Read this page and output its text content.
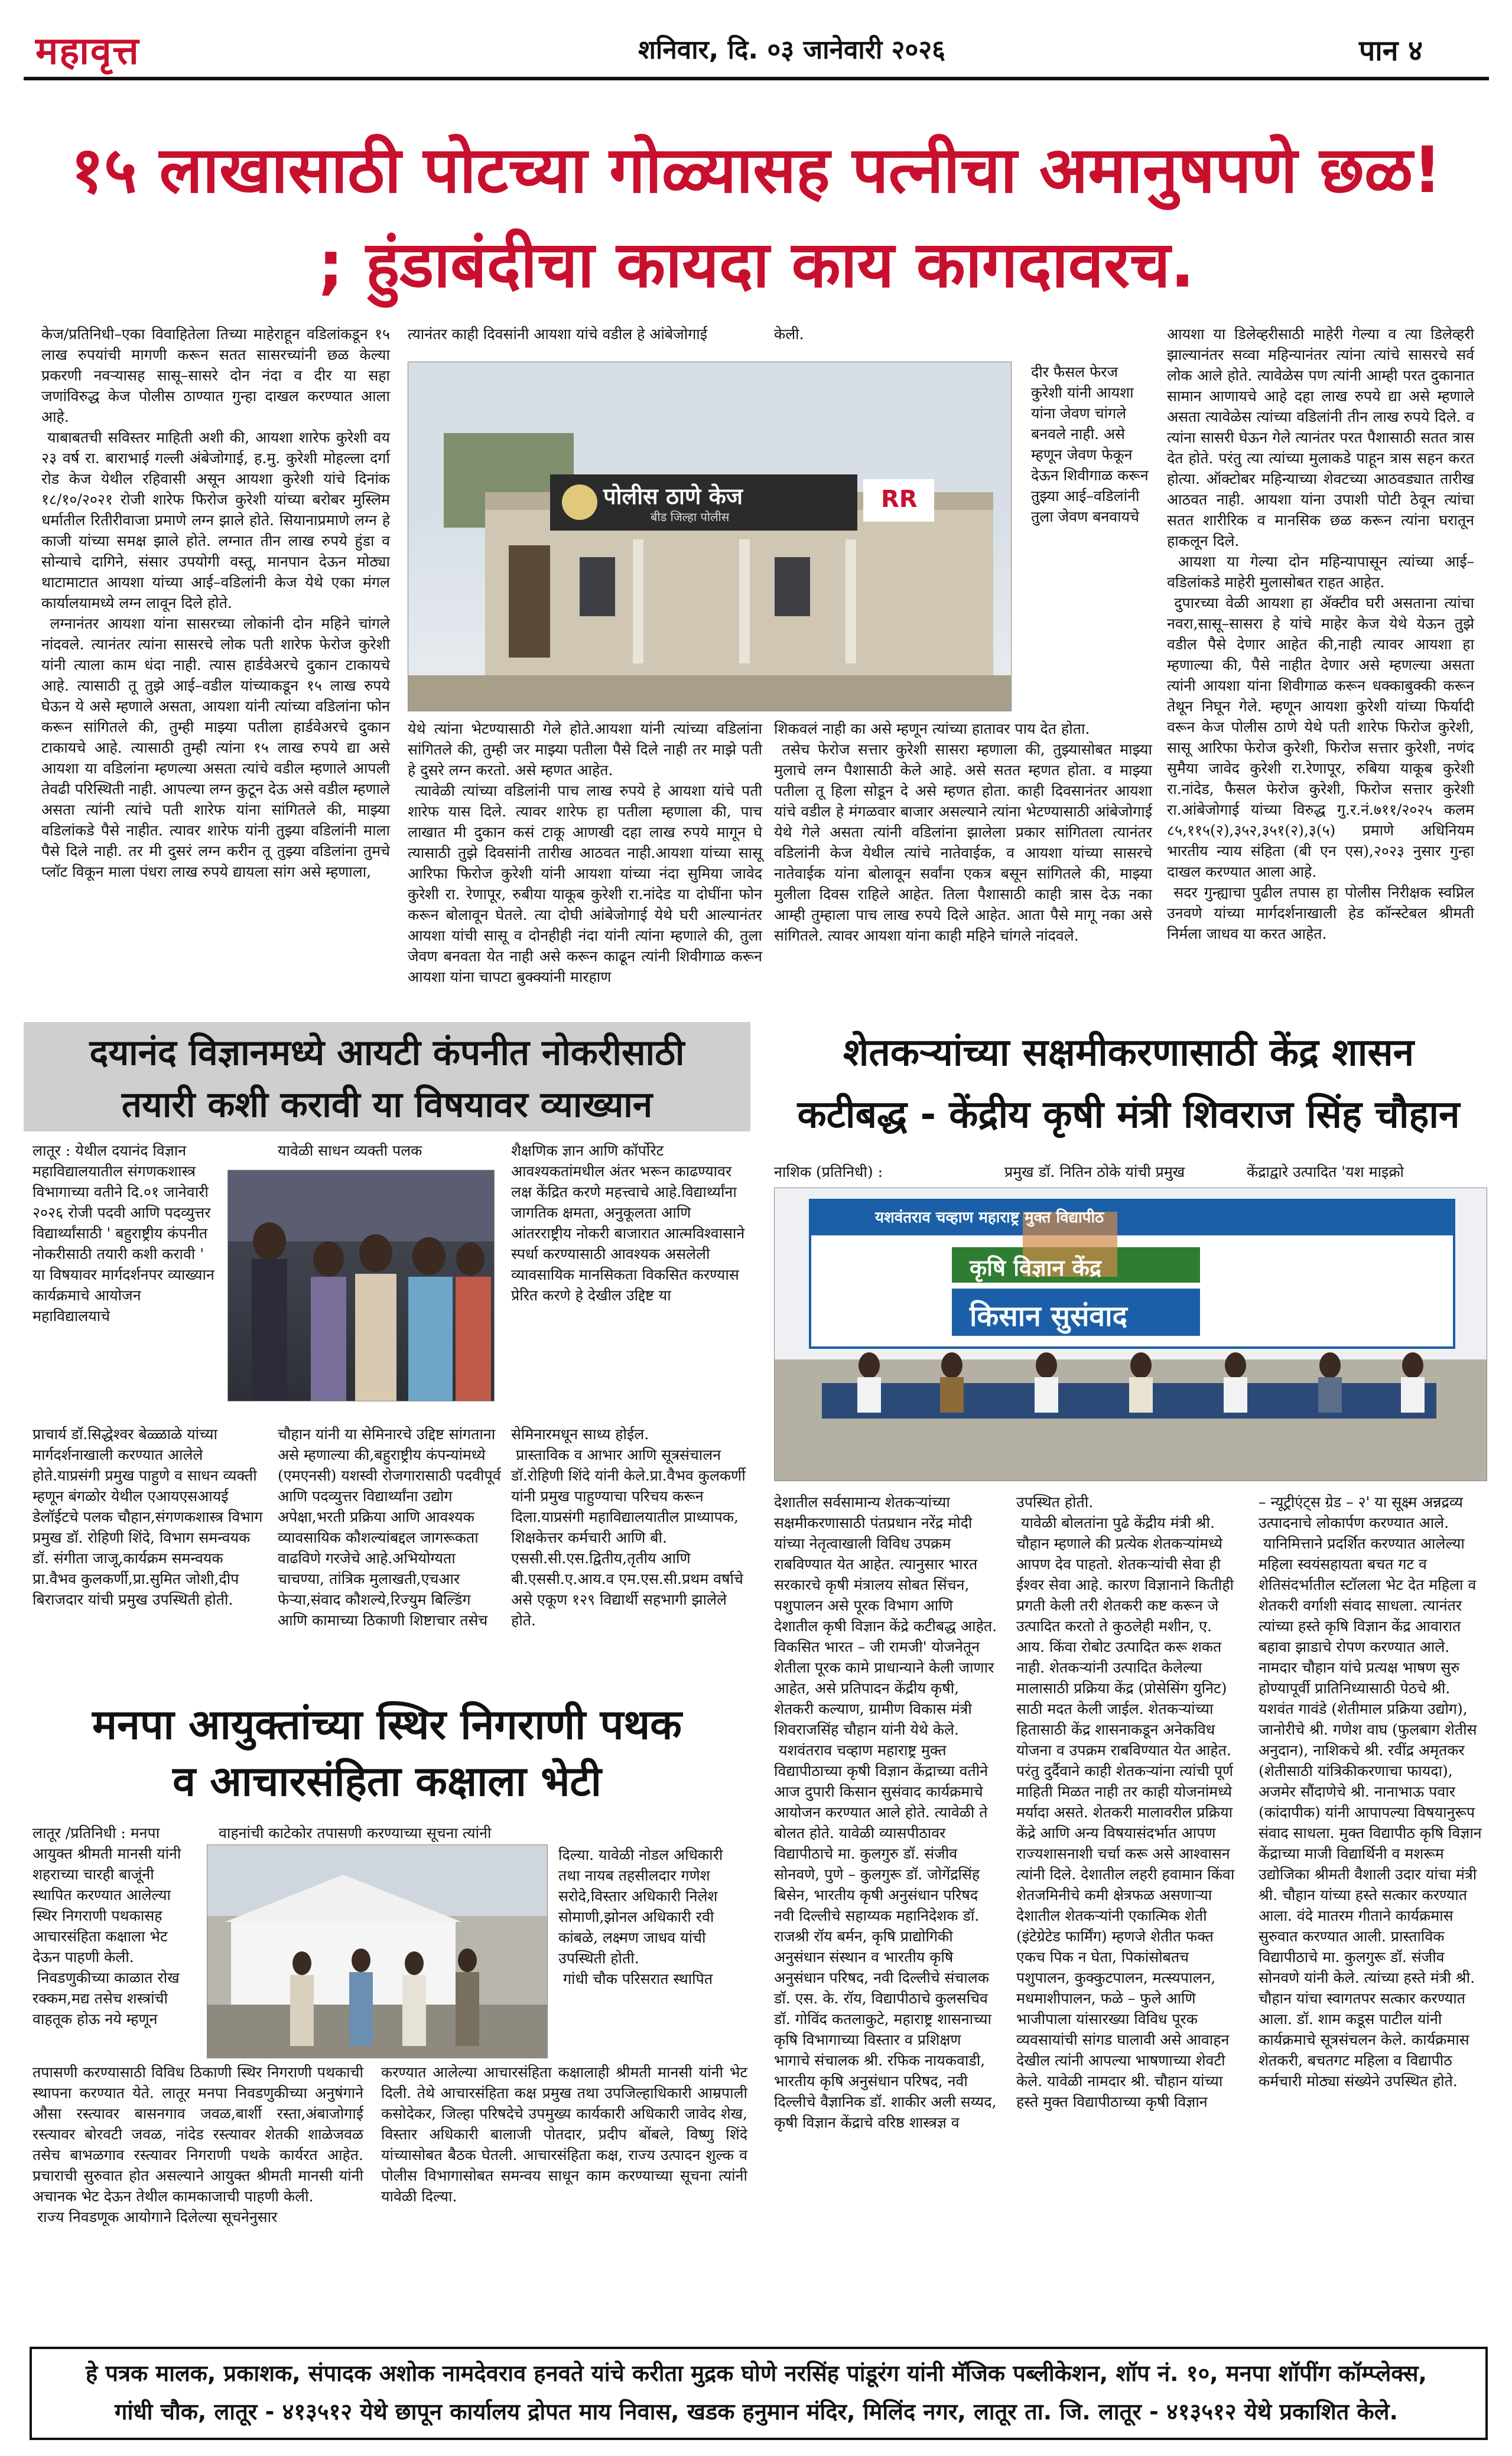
महावृत्त	शनिवार, दि. ०३ जानेवारी २०२६	पान ४
१५ लाखासाठी पोटच्या गोळ्यासह पत्नीचा अमानुषपणे छळ!
; हुंडाबंदीचा कायदा काय कागदावरच.
केज/प्रतिनिधी–एका विवाहितेला तिच्या माहेराहून वडिलांकडून १५ लाख रुपयांची मागणी करून सतत सासरच्यांनी छळ केल्या प्रकरणी नवऱ्यासह सासू–सासरे दोन नंदा व दीर या सहा जणांविरुद्ध केज पोलीस ठाण्यात गुन्हा दाखल करण्यात आला आहे.
याबाबतची सविस्तर माहिती अशी की, आयशा शारेफ कुरेशी वय २३ वर्ष रा. बाराभाई गल्ली अंबेजोगाई, ह.मु. कुरेशी मोहल्ला दर्गा रोड केज येथील रहिवासी असून आयशा कुरेशी यांचे दिनांक १८/१०/२०२१ रोजी शारेफ फिरोज कुरेशी यांच्या बरोबर मुस्लिम धर्मातील रितीरीवाजा प्रमाणे लग्न झाले होते. सियानाप्रमाणे लग्न हे काजी यांच्या समक्ष झाले होते. लग्नात तीन लाख रुपये हुंडा व सोन्याचे दागिने, संसार उपयोगी वस्तू, मानपान देऊन मोठ्या थाटामाटात आयशा यांच्या आई–वडिलांनी केज येथे एका मंगल कार्यालयामध्ये लग्न लावून दिले होते.
लग्नानंतर आयशा यांना सासरच्या लोकांनी दोन महिने चांगले नांदवले. त्यानंतर त्यांना सासरचे लोक पती शारेफ फेरोज कुरेशी यांनी त्याला काम धंदा नाही. त्यास हार्डवेअरचे दुकान टाकायचे आहे. त्यासाठी तू तुझे आई–वडील यांच्याकडून १५ लाख रुपये घेऊन ये असे म्हणाले असता, आयशा यांनी त्यांच्या वडिलांना फोन करून सांगितले की, तुम्ही माझ्या पतीला हार्डवेअरचे दुकान टाकायचे आहे. त्यासाठी तुम्ही त्यांना १५ लाख रुपये द्या असे आयशा या वडिलांना म्हणल्या असता त्यांचे वडील म्हणाले आपली तेवढी परिस्थिती नाही. आपल्या लग्न कुटून देऊ असे वडील म्हणाले असता त्यांनी त्यांचे पती शारेफ यांना सांगितले की, माझ्या वडिलांकडे पैसे नाहीत. त्यावर शारेफ यांनी तुझ्या वडिलांनी माला पैसे दिले नाही. तर मी दुसरं लग्न करीन तू तुझ्या वडिलांना तुमचे प्लॉट विकून माला पंधरा लाख रुपये द्यायला सांग असे म्हणाला,
त्यानंतर काही दिवसांनी आयशा यांचे वडील हे आंबेजोगाई
RR
पोलीस ठाणे केज
बीड जिल्हा पोलीस
केली.
दीर फैसल फेरज कुरेशी यांनी आयशा यांना जेवण चांगले बनवले नाही. असे म्हणून जेवण फेकून देऊन शिवीगाळ करून तुझ्या आई–वडिलांनी तुला जेवण बनवायचे
येथे त्यांना भेटण्यासाठी गेले होते.आयशा यांनी त्यांच्या वडिलांना सांगितले की, तुम्ही जर माझ्या पतीला पैसे दिले नाही तर माझे पती हे दुसरे लग्न करतो. असे म्हणत आहेत.
त्यावेळी त्यांच्या वडिलांनी पाच लाख रुपये हे आयशा यांचे पती शारेफ यास दिले. त्यावर शारेफ हा पतीला म्हणाला की, पाच लाखात मी दुकान कसं टाकू आणखी दहा लाख रुपये मागून घे त्यासाठी तुझे दिवसांनी तारीख आठवत नाही.आयशा यांच्या सासू आरिफा फिरोज कुरेशी यांनी आयशा यांच्या नंदा सुमिया जावेद कुरेशी रा. रेणापूर, रुबीया याकूब कुरेशी रा.नांदेड या दोघींना फोन करून बोलावून घेतले. त्या दोघी आंबेजोगाई येथे घरी आल्यानंतर आयशा यांची सासू व दोनहीही नंदा यांनी त्यांना म्हणाले की, तुला जेवण बनवता येत नाही असे करून काढून त्यांनी शिवीगाळ करून आयशा यांना चापटा बुक्क्यांनी मारहाण
शिकवलं नाही का असे म्हणून त्यांच्या हातावर पाय देत होता.
तसेच फेरोज सत्तार कुरेशी सासरा म्हणाला की, तुझ्यासोबत माझ्या मुलाचे लग्न पैशासाठी केले आहे. असे सतत म्हणत होता. व माझ्या पतीला तू हिला सोडून दे असे म्हणत होता. काही दिवसानंतर आयशा यांचे वडील हे मंगळवार बाजार असल्याने त्यांना भेटण्यासाठी आंबेजोगाई येथे गेले असता त्यांनी वडिलांना झालेला प्रकार सांगितला त्यानंतर वडिलांनी केज येथील त्यांचे नातेवाईक, व आयशा यांच्या सासरचे नातेवाईक यांना बोलावून सर्वांना एकत्र बसून सांगितले की, माझ्या मुलीला दिवस राहिले आहेत. तिला पैशासाठी काही त्रास देऊ नका आम्ही तुम्हाला पाच लाख रुपये दिले आहेत. आता पैसे मागू नका असे सांगितले. त्यावर आयशा यांना काही महिने चांगले नांदवले.
आयशा या डिलेव्हरीसाठी माहेरी गेल्या व त्या डिलेव्हरी झाल्यानंतर सव्वा महिन्यानंतर त्यांना त्यांचे सासरचे सर्व लोक आले होते. त्यावेळेस पण त्यांनी आम्ही परत दुकानात सामान आणायचे आहे दहा लाख रुपये द्या असे म्हणाले असता त्यावेळेस त्यांच्या वडिलांनी तीन लाख रुपये दिले. व त्यांना सासरी घेऊन गेले त्यानंतर परत पैशासाठी सतत त्रास देत होते. परंतु त्या त्यांच्या मुलाकडे पाहून त्रास सहन करत होत्या. ऑक्टोबर महिन्याच्या शेवटच्या आठवड्यात तारीख आठवत नाही. आयशा यांना उपाशी पोटी ठेवून त्यांचा सतत शारीरिक व मानसिक छळ करून त्यांना घरातून हाकलून दिले.
आयशा या गेल्या दोन महिन्यापासून त्यांच्या आई–वडिलांकडे माहेरी मुलासोबत राहत आहेत.
दुपारच्या वेळी आयशा हा ॲक्टीव घरी असताना त्यांचा नवरा,सासू–सासरा हे यांचे माहेर केज येथे येऊन तुझे वडील पैसे देणार आहेत की,नाही त्यावर आयशा हा म्हणाल्या की, पैसे नाहीत देणार असे म्हणल्या असता त्यांनी आयशा यांना शिवीगाळ करून धक्काबुक्की करून तेथून निघून गेले. म्हणून आयशा कुरेशी यांच्या फिर्यादी वरून केज पोलीस ठाणे येथे पती शारेफ फिरोज कुरेशी, सासू आरिफा फेरोज कुरेशी, फिरोज सत्तार कुरेशी, नणंद सुमैया जावेद कुरेशी रा.रेणापूर, रुबिया याकूब कुरेशी रा.नांदेड, फैसल फेरोज कुरेशी, फिरोज सत्तार कुरेशी रा.आंबेजोगाई यांच्या विरुद्ध गु.र.नं.७११/२०२५ कलम ८५,११५(२),३५२,३५१(२),३(५) प्रमाणे अधिनियम भारतीय न्याय संहिता (बी एन एस),२०२३ नुसार गुन्हा दाखल करण्यात आला आहे.
सदर गुन्ह्याचा पुढील तपास हा पोलीस निरीक्षक स्वप्निल उनवणे यांच्या मार्गदर्शनाखाली हेड कॉन्स्टेबल श्रीमती निर्मला जाधव या करत आहेत.
दयानंद विज्ञानमध्ये आयटी कंपनीत नोकरीसाठी
तयारी कशी करावी या विषयावर व्याख्यान
लातूर : येथील दयानंद विज्ञान महाविद्यालयातील संगणकशास्त्र विभागाच्या वतीने दि.०१ जानेवारी २०२६ रोजी पदवी आणि पदव्युत्तर विद्यार्थ्यांसाठी ' बहुराष्ट्रीय कंपनीत नोकरीसाठी तयारी कशी करावी ' या विषयावर मार्गदर्शनपर व्याख्यान कार्यक्रमाचे आयोजन महाविद्यालयाचे
यावेळी साधन व्यक्ती पलक	शैक्षणिक ज्ञान आणि कॉर्पोरेट आवश्यकतांमधील अंतर भरून काढण्यावर लक्ष केंद्रित करणे महत्त्वाचे आहे.विद्यार्थ्यांना जागतिक क्षमता, अनुकूलता आणि आंतरराष्ट्रीय नोकरी बाजारात आत्मविश्वासाने स्पर्धा करण्यासाठी आवश्यक असलेली व्यावसायिक मानसिकता विकसित करण्यास प्रेरित करणे हे देखील उद्दिष्ट या
प्राचार्य डॉ.सिद्धेश्वर बेळ्ळाळे यांच्या मार्गदर्शनाखाली करण्यात आलेले होते.याप्रसंगी प्रमुख पाहुणे व साधन व्यक्ती म्हणून बंगळोर येथील एआयएसआयई डेलॉईटचे पलक चौहान,संगणकशास्त्र विभाग प्रमुख डॉ. रोहिणी शिंदे, विभाग समन्वयक डॉ. संगीता जाजू,कार्यक्रम समन्वयक प्रा.वैभव कुलकर्णी,प्रा.सुमित जोशी,दीप बिराजदार यांची प्रमुख उपस्थिती होती.
चौहान यांनी या सेमिनारचे उद्दिष्ट सांगताना असे म्हणाल्या की,बहुराष्ट्रीय कंपन्यांमध्ये (एमएनसी) यशस्वी रोजगारासाठी पदवीपूर्व आणि पदव्युत्तर विद्यार्थ्यांना उद्योग अपेक्षा,भरती प्रक्रिया आणि आवश्यक व्यावसायिक कौशल्यांबद्दल जागरूकता वाढविणे गरजेचे आहे.अभियोग्यता चाचण्या, तांत्रिक मुलाखती,एचआर फेऱ्या,संवाद कौशल्ये,रिज्युम बिल्डिंग आणि कामाच्या ठिकाणी शिष्टाचार तसेच
सेमिनारमधून साध्य होईल.
प्रास्ताविक व आभार आणि सूत्रसंचालन डॉ.रोहिणी शिंदे यांनी केले.प्रा.वैभव कुलकर्णी यांनी प्रमुख पाहुण्याचा परिचय करून दिला.याप्रसंगी महाविद्यालयातील प्राध्यापक, शिक्षकेत्तर कर्मचारी आणि बी. एससी.सी.एस.द्वितीय,तृतीय आणि बी.एससी.ए.आय.व एम.एस.सी.प्रथम वर्षाचे असे एकूण १२९ विद्यार्थी सहभागी झालेले होते.
मनपा आयुक्तांच्या स्थिर निगराणी पथक
व आचारसंहिता कक्षाला भेटी
लातूर /प्रतिनिधी : मनपा आयुक्त श्रीमती मानसी यांनी शहराच्या चारही बाजूंनी स्थापित करण्यात आलेल्या स्थिर निगराणी पथकासह आचारसंहिता कक्षाला भेट देऊन पाहणी केली.
निवडणुकीच्या काळात रोख रक्कम,मद्य तसेच शस्त्रांची वाहतूक होऊ नये म्हणून
वाहनांची काटेकोर तपासणी करण्याच्या सूचना त्यांनी
दिल्या. यावेळी नोडल अधिकारी तथा नायब तहसीलदार गणेश सरोदे,विस्तार अधिकारी निलेश सोमाणी,झोनल अधिकारी रवी कांबळे, लक्ष्मण जाधव यांची उपस्थिती होती.
गांधी चौक परिसरात स्थापित
तपासणी करण्यासाठी विविध ठिकाणी स्थिर निगराणी पथकाची स्थापना करण्यात येते. लातूर मनपा निवडणुकीच्या अनुषंगाने औसा रस्त्यावर बासनगाव जवळ,बार्शी रस्ता,अंबाजोगाई रस्त्यावर बोरवटी जवळ, नांदेड रस्त्यावर शेतकी शाळेजवळ तसेच बाभळगाव रस्त्यावर निगराणी पथके कार्यरत आहेत. प्रचाराची सुरुवात होत असल्याने आयुक्त श्रीमती मानसी यांनी अचानक भेट देऊन तेथील कामकाजाची पाहणी केली.
राज्य निवडणूक आयोगाने दिलेल्या सूचनेनुसार
करण्यात आलेल्या आचारसंहिता कक्षालाही श्रीमती मानसी यांनी भेट दिली. तेथे आचारसंहिता कक्ष प्रमुख तथा उपजिल्हाधिकारी आम्रपाली कसोदेकर, जिल्हा परिषदेचे उपमुख्य कार्यकारी अधिकारी जावेद शेख, विस्तार अधिकारी बालाजी पोतदार, प्रदीप बोंबले, विष्णु शिंदे यांच्यासोबत बैठक घेतली. आचारसंहिता कक्ष, राज्य उत्पादन शुल्क व पोलीस विभागासोबत समन्वय साधून काम करण्याच्या सूचना त्यांनी यावेळी दिल्या.
शेतकऱ्यांच्या सक्षमीकरणासाठी केंद्र शासन
कटीबद्ध - केंद्रीय कृषी मंत्री शिवराज सिंह चौहान
नाशिक (प्रतिनिधी) :	प्रमुख डॉ. नितिन ठोके यांची प्रमुख	केंद्राद्वारे उत्पादित 'यश माइक्रो
यशवंतराव चव्हाण महाराष्ट्र मुक्त विद्यापीठ
कृषि विज्ञान केंद्र
किसान सुसंवाद
देशातील सर्वसामान्य शेतकऱ्यांच्या सक्षमीकरणासाठी पंतप्रधान नरेंद्र मोदी यांच्या नेतृत्वाखाली विविध उपक्रम राबविण्यात येत आहेत. त्यानुसार भारत सरकारचे कृषी मंत्रालय सोबत सिंचन, पशुपालन असे पूरक विभाग आणि देशातील कृषी विज्ञान केंद्रे कटीबद्ध आहेत. विकसित भारत – जी रामजी' योजनेतून शेतीला पूरक कामे प्राधान्याने केली जाणार आहेत, असे प्रतिपादन केंद्रीय कृषी, शेतकरी कल्याण, ग्रामीण विकास मंत्री शिवराजसिंह चौहान यांनी येथे केले.
यशवंतराव चव्हाण महाराष्ट्र मुक्त विद्यापीठाच्या कृषी विज्ञान केंद्राच्या वतीने आज दुपारी किसान सुसंवाद कार्यक्रमाचे आयोजन करण्यात आले होते. त्यावेळी ते बोलत होते. यावेळी व्यासपीठावर विद्यापीठाचे मा. कुलगुरु डॉ. संजीव सोनवणे, पुणे – कुलगुरू डॉ. जोगेंद्रसिंह बिसेन, भारतीय कृषी अनुसंधान परिषद नवी दिल्लीचे सहाय्यक महानिदेशक डॉ. राजश्री रॉय बर्मन, कृषि प्राद्योगिकी अनुसंधान संस्थान व भारतीय कृषि अनुसंधान परिषद, नवी दिल्लीचे संचालक डॉ. एस. के. रॉय, विद्यापीठाचे कुलसचिव डॉ. गोविंद कतलाकुटे, महाराष्ट्र शासनाच्या कृषि विभागाच्या विस्तार व प्रशिक्षण भागाचे संचालक श्री. रफिक नायकवाडी, भारतीय कृषि अनुसंधान परिषद, नवी दिल्लीचे वैज्ञानिक डॉ. शाकीर अली सय्यद, कृषी विज्ञान केंद्राचे वरिष्ठ शास्त्रज्ञ व
उपस्थित होती.
यावेळी बोलतांना पुढे केंद्रीय मंत्री श्री. चौहान म्हणाले की प्रत्येक शेतकऱ्यांमध्ये आपण देव पाहतो. शेतकऱ्यांची सेवा ही ईश्वर सेवा आहे. कारण विज्ञानाने कितीही प्रगती केली तरी शेतकरी कष्ट करून जे उत्पादित करतो ते कुठलेही मशीन, ए. आय. किंवा रोबोट उत्पादित करू शकत नाही. शेतकऱ्यांनी उत्पादित केलेल्या मालासाठी प्रक्रिया केंद्र (प्रोसेसिंग युनिट) साठी मदत केली जाईल. शेतकऱ्यांच्या हितासाठी केंद्र शासनाकडून अनेकविध योजना व उपक्रम राबविण्यात येत आहेत. परंतु दुर्दैवाने काही शेतकऱ्यांना त्यांची पूर्ण माहिती मिळत नाही तर काही योजनांमध्ये मर्यादा असते. शेतकरी मालावरील प्रक्रिया केंद्रे आणि अन्य विषयासंदर्भात आपण राज्यशासनाशी चर्चा करू असे आश्वासन त्यांनी दिले. देशातील लहरी हवामान किंवा शेतजमिनीचे कमी क्षेत्रफळ असणाऱ्या देशातील शेतकऱ्यांनी एकात्मिक शेती (इंटेग्रेटेड फार्मिंग) म्हणजे शेतीत फक्त एकच पिक न घेता, पिकांसोबतच पशुपालन, कुक्कुटपालन, मत्स्यपालन, मधमाशीपालन, फळे – फुले आणि भाजीपाला यांसारख्या विविध पूरक व्यवसायांची सांगड घालावी असे आवाहन देखील त्यांनी आपल्या भाषणाच्या शेवटी केले. यावेळी नामदार श्री. चौहान यांच्या हस्ते मुक्त विद्यापीठाच्या कृषी विज्ञान
– न्यूट्रीएंट्स ग्रेड – २' या सूक्ष्म अन्नद्रव्य उत्पादनाचे लोकार्पण करण्यात आले.
यानिमित्ताने प्रदर्शित करण्यात आलेल्या महिला स्वयंसहायता बचत गट व शेतिसंदर्भातील स्टॉलला भेट देत महिला व शेतकरी वर्गाशी संवाद साधला. त्यानंतर त्यांच्या हस्ते कृषि विज्ञान केंद्र आवारात बहावा झाडाचे रोपण करण्यात आले. नामदार चौहान यांचे प्रत्यक्ष भाषण सुरु होण्यापूर्वी प्रातिनिध्यासाठी पेठचे श्री. यशवंत गावंडे (शेतीमाल प्रक्रिया उद्योग), जानोरीचे श्री. गणेश वाघ (फुलबाग शेतीस अनुदान), नाशिकचे श्री. रवींद्र अमृतकर (शेतीसाठी यांत्रिकीकरणाचा फायदा), अजमेर सौंदाणेचे श्री. नानाभाऊ पवार (कांदापीक) यांनी आपापल्या विषयानुरूप संवाद साधला. मुक्त विद्यापीठ कृषि विज्ञान केंद्राच्या माजी विद्यार्थिनी व मशरूम उद्योजिका श्रीमती वैशाली उदार यांचा मंत्री श्री. चौहान यांच्या हस्ते सत्कार करण्यात आला. वंदे मातरम गीताने कार्यक्रमास सुरुवात करण्यात आली. प्रास्ताविक विद्यापीठाचे मा. कुलगुरू डॉ. संजीव सोनवणे यांनी केले. त्यांच्या हस्ते मंत्री श्री. चौहान यांचा स्वागतपर सत्कार करण्यात आला. डॉ. शाम कडूस पाटील यांनी कार्यक्रमाचे सूत्रसंचलन केले. कार्यक्रमास शेतकरी, बचतगट महिला व विद्यापीठ कर्मचारी मोठ्या संख्येने उपस्थित होते.
हे पत्रक मालक, प्रकाशक, संपादक अशोक नामदेवराव हनवते यांचे करीता मुद्रक घोणे नरसिंह पांडूरंग यांनी मॅजिक पब्लीकेशन, शॉप नं. १०, मनपा शॉपींग कॉम्प्लेक्स,
गांधी चौक, लातूर - ४१३५१२ येथे छापून कार्यालय द्रोपत माय निवास, खडक हनुमान मंदिर, मिलिंद नगर, लातूर ता. जि. लातूर - ४१३५१२ येथे प्रकाशित केले.
